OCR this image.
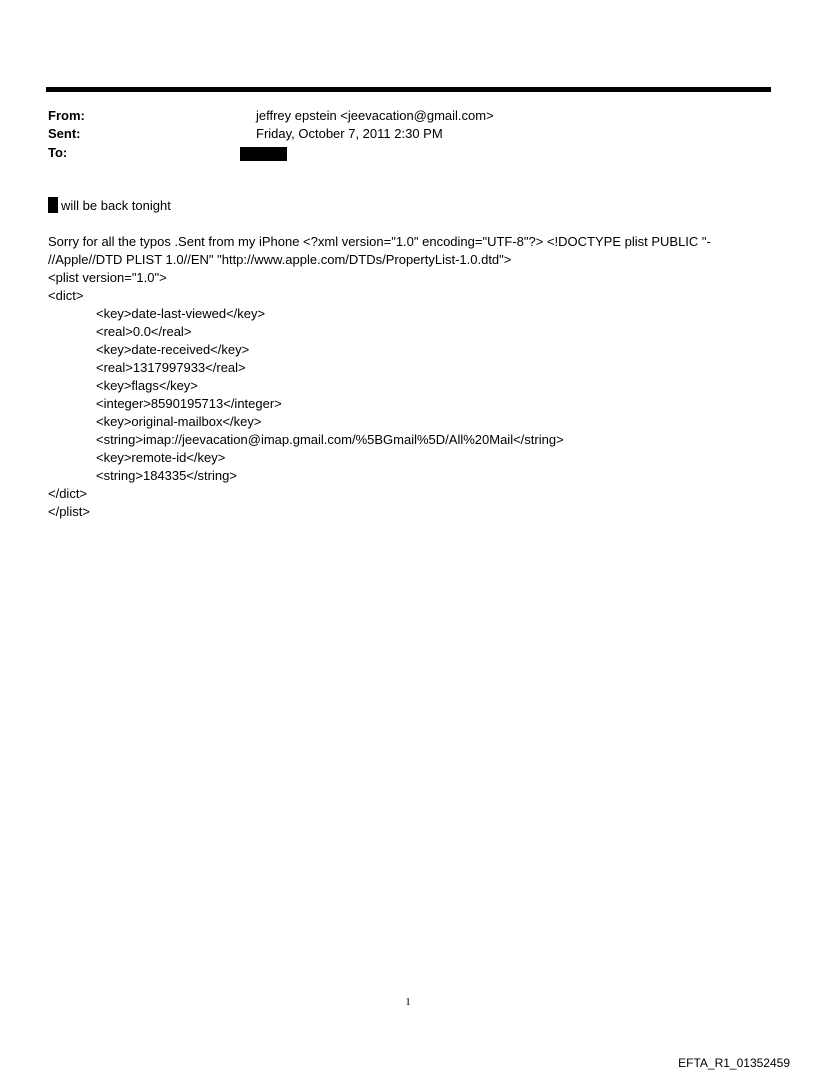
From:	jeffrey epstein <jeevacation@gmail.com>
Sent:	Friday, October 7, 2011 2:30 PM
To:
will be back tonight
Sorry for all the typos .Sent from my iPhone <?xml version="1.0" encoding="UTF-8"?> <!DOCTYPE plist PUBLIC "-
//Apple//DTD PLIST 1.0//EN" "http://www.apple.com/DTDs/PropertyList-1.0.dtd">
<plist version="1.0">
<dict>
<key>date-last-viewed</key>
<real>0.0</real>
<key>date-received</key>
<real>1317997933</real>
<key>flags</key>
<integer>8590195713</integer>
<key>original-mailbox</key>
<string>imap://jeevacation@imap.gmail.com/%5BGmail%5D/All%20Mail</string>
<key>remote-id</key>
<string>184335</string>
</dict>
</plist>
1
EFTA_R1_01352459
